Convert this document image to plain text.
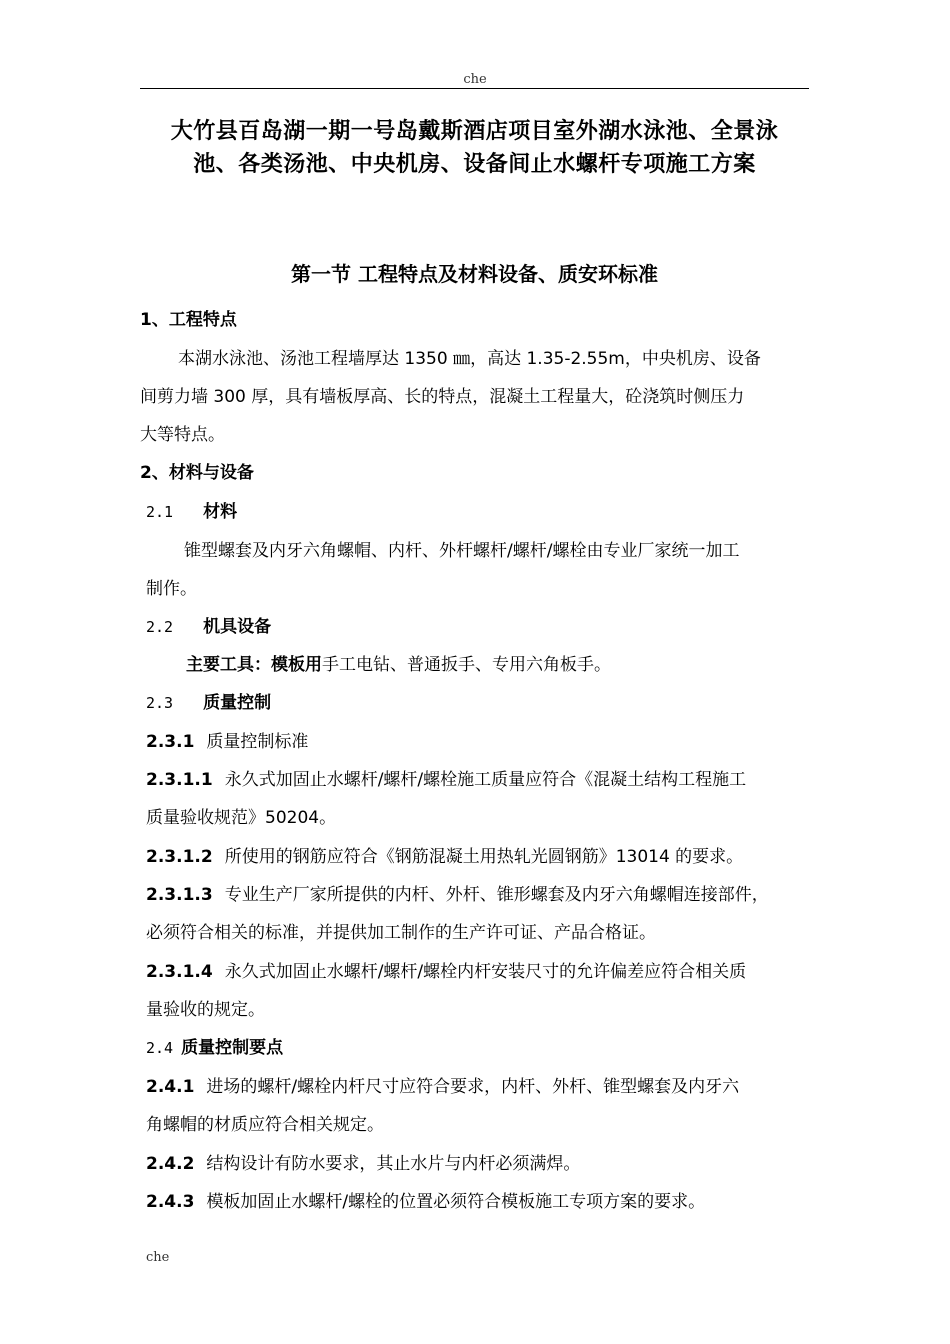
che
大竹县百岛湖一期一号岛戴斯酒店项目室外湖水泳池、全景泳
池、各类汤池、中央机房、设备间止水螺杆专项施工方案
第一节 工程特点及材料设备、质安环标准
1、工程特点
本湖水泳池、汤池工程墙厚达 1350 ㎜，高达 1.35-2.55m，中央机房、设备
间剪力墙 300 厚，具有墙板厚高、长的特点，混凝土工程量大，砼浇筑时侧压力
大等特点。
2、材料与设备
2.1 材料
锥型螺套及内牙六角螺帽、内杆、外杆螺杆/螺杆/螺栓由专业厂家统一加工
制作。
2.2 机具设备
主要工具：模板用手工电钻、普通扳手、专用六角板手。
2.3 质量控制
2.3.1 质量控制标准
2.3.1.1 永久式加固止水螺杆/螺杆/螺栓施工质量应符合《混凝土结构工程施工
质量验收规范》50204。
2.3.1.2 所使用的钢筋应符合《钢筋混凝土用热轧光圆钢筋》13014 的要求。
2.3.1.3 专业生产厂家所提供的内杆、外杆、锥形螺套及内牙六角螺帽连接部件，
必须符合相关的标准，并提供加工制作的生产许可证、产品合格证。
2.3.1.4 永久式加固止水螺杆/螺杆/螺栓内杆安装尺寸的允许偏差应符合相关质
量验收的规定。
2.4 质量控制要点
2.4.1 进场的螺杆/螺栓内杆尺寸应符合要求，内杆、外杆、锥型螺套及内牙六
角螺帽的材质应符合相关规定。
2.4.2 结构设计有防水要求，其止水片与内杆必须满焊。
2.4.3 模板加固止水螺杆/螺栓的位置必须符合模板施工专项方案的要求。
che
